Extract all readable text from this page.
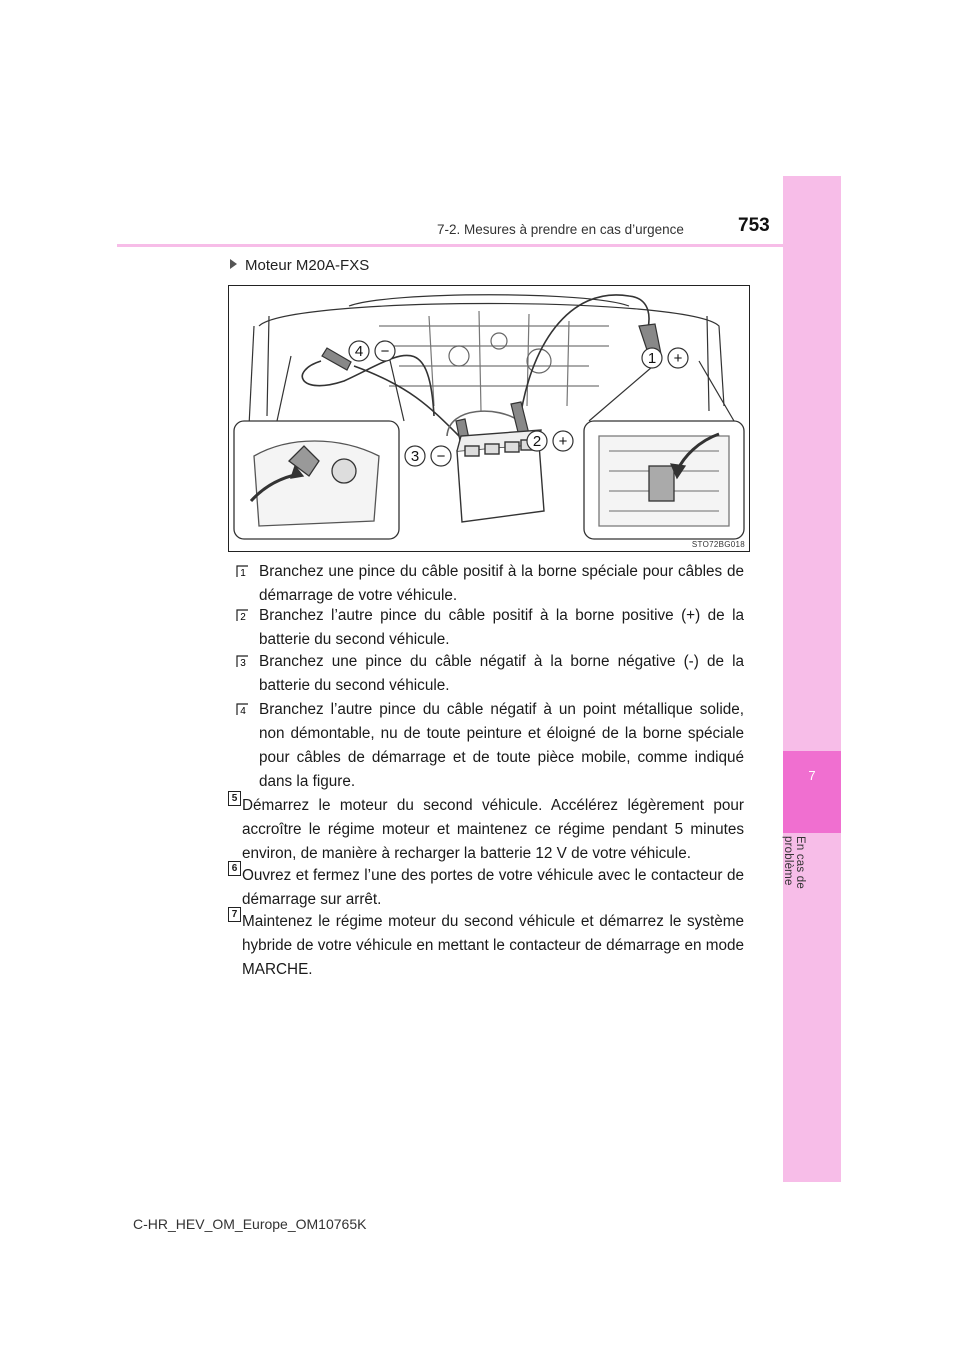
7
En cas de problème
7-2. Mesures à prendre en cas d’urgence	753
Moteur M20A-FXS
1 +
2 +
3 −
4 −
STO72BG018
1 Branchez une pince du câble positif à la borne spéciale pour câbles de démarrage de votre véhicule.
2 Branchez l’autre pince du câble positif à la borne positive (+) de la batterie du second véhicule.
3 Branchez une pince du câble négatif à la borne négative (-) de la batterie du second véhicule.
4 Branchez l’autre pince du câble négatif à un point métallique solide, non démontable, nu de toute peinture et éloigné de la borne spéciale pour câbles de démarrage et de toute pièce mobile, comme indiqué dans la figure.
5 Démarrez le moteur du second véhicule. Accélérez légèrement pour accroître le régime moteur et maintenez ce régime pendant 5 minutes environ, de manière à recharger la batterie 12 V de votre véhicule.
6 Ouvrez et fermez l’une des portes de votre véhicule avec le contacteur de démarrage sur arrêt.
7 Maintenez le régime moteur du second véhicule et démarrez le système hybride de votre véhicule en mettant le contacteur de démarrage en mode MARCHE.
C-HR_HEV_OM_Europe_OM10765K
